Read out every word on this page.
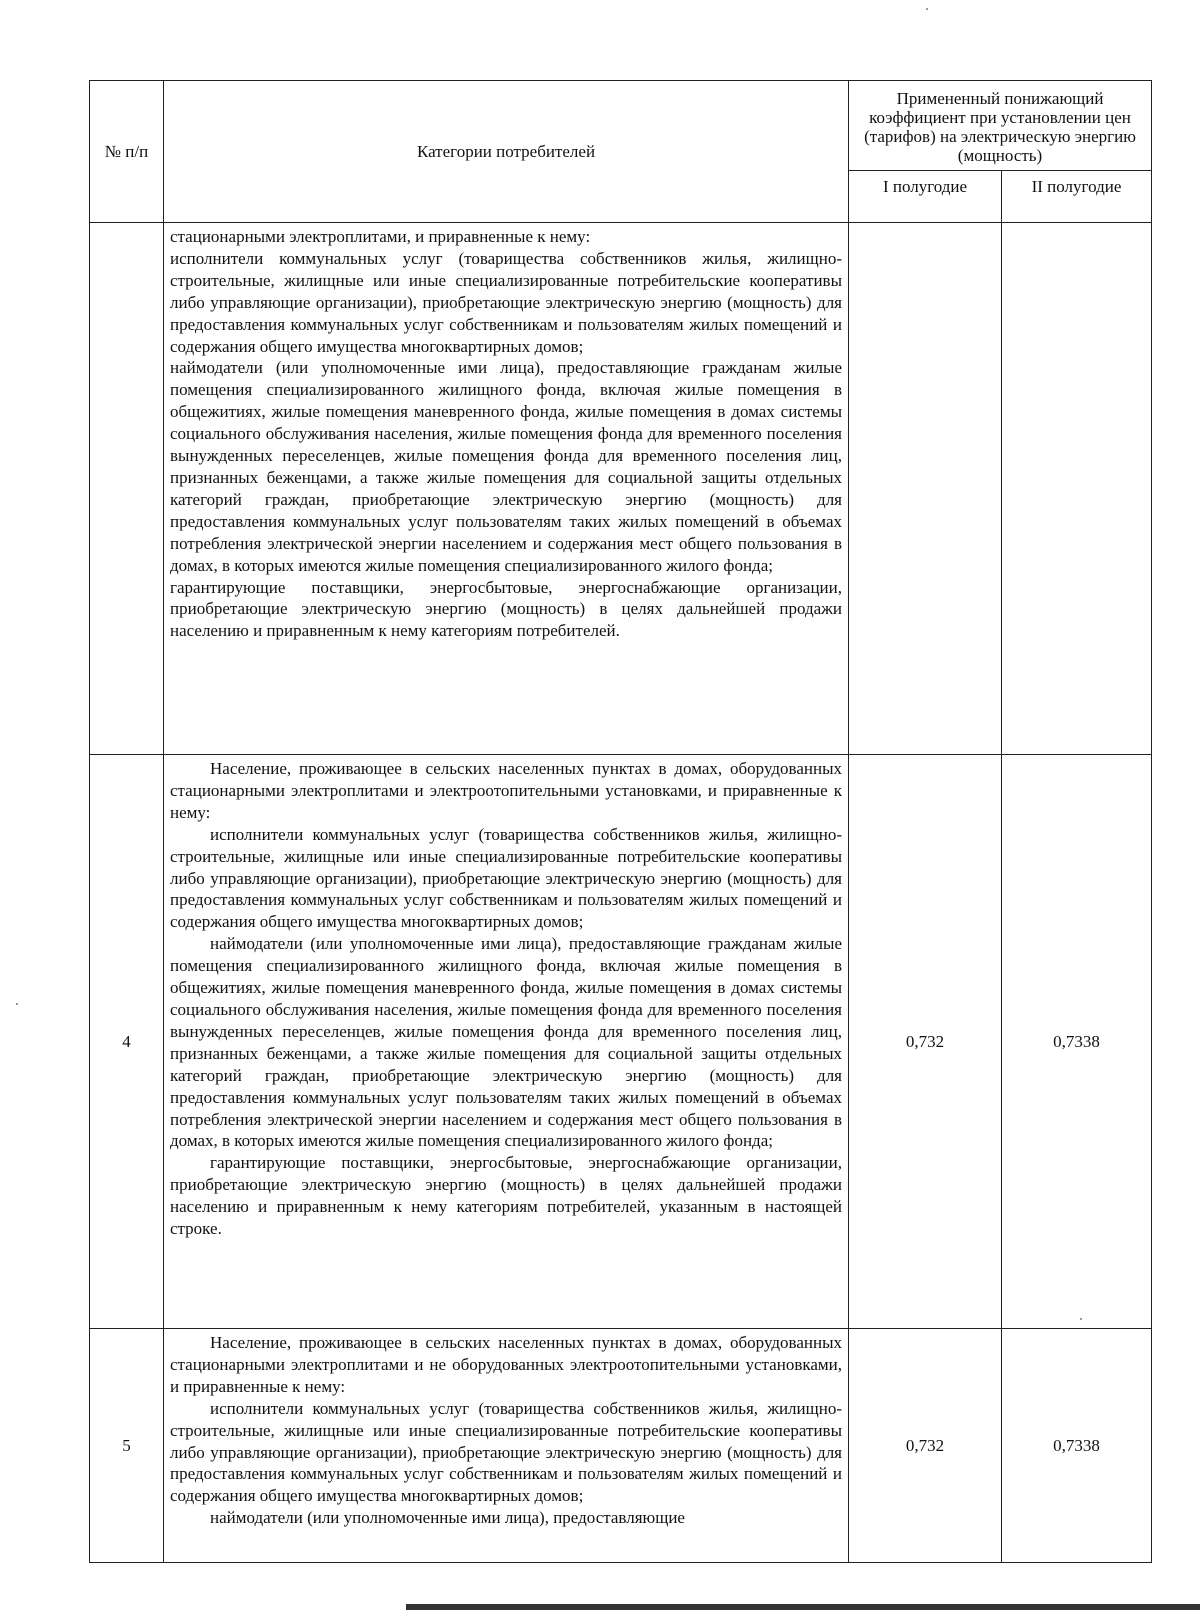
№ п/п	Категории потребителей	Примененный понижающий коэффициент при установлении цен (тарифов) на электрическую энергию (мощность)	
		I полугодие	II полугодие

	стационарными электроплитами, и приравненные к нему:

исполнители коммунальных услуг (товарищества собственников жилья, жилищно-строительные, жилищные или иные специализированные потребительские кооперативы либо управляющие организации), приобретающие электрическую энергию (мощность) для предоставления коммунальных услуг собственникам и пользователям жилых помещений и содержания общего имущества многоквартирных домов;

наймодатели (или уполномоченные ими лица), предоставляющие гражданам жилые помещения специализированного жилищного фонда, включая жилые помещения в общежитиях, жилые помещения маневренного фонда, жилые помещения в домах системы социального обслуживания населения, жилые помещения фонда для временного поселения вынужденных переселенцев, жилые помещения фонда для временного поселения лиц, признанных беженцами, а также жилые помещения для социальной защиты отдельных категорий граждан, приобретающие электрическую энергию (мощность) для предоставления коммунальных услуг пользователям таких жилых помещений в объемах потребления электрической энергии населением и содержания мест общего пользования в домах, в которых имеются жилые помещения специализированного жилого фонда;

гарантирующие поставщики, энергосбытовые, энергоснабжающие организации, приобретающие электрическую энергию (мощность) в целях дальнейшей продажи населению и приравненным к нему категориям потребителей.		

4	Население, проживающее в сельских населенных пунктах в домах, оборудованных стационарными электроплитами и электроотопительными установками, и приравненные к нему:

исполнители коммунальных услуг (товарищества собственников жилья, жилищно-строительные, жилищные или иные специализированные потребительские кооперативы либо управляющие организации), приобретающие электрическую энергию (мощность) для предоставления коммунальных услуг собственникам и пользователям жилых помещений и содержания общего имущества многоквартирных домов;

наймодатели (или уполномоченные ими лица), предоставляющие гражданам жилые помещения специализированного жилищного фонда, включая жилые помещения в общежитиях, жилые помещения маневренного фонда, жилые помещения в домах системы социального обслуживания населения, жилые помещения фонда для временного поселения вынужденных переселенцев, жилые помещения фонда для временного поселения лиц, признанных беженцами, а также жилые помещения для социальной защиты отдельных категорий граждан, приобретающие электрическую энергию (мощность) для предоставления коммунальных услуг пользователям таких жилых помещений в объемах потребления электрической энергии населением и содержания мест общего пользования в домах, в которых имеются жилые помещения специализированного жилого фонда;

гарантирующие поставщики, энергосбытовые, энергоснабжающие организации, приобретающие электрическую энергию (мощность) в целях дальнейшей продажи населению и приравненным к нему категориям потребителей, указанным в настоящей строке.	0,732	0,7338
5	Население, проживающее в сельских населенных пунктах в домах, оборудованных стационарными электроплитами и не оборудованных электроотопительными установками, и приравненные к нему:

исполнители коммунальных услуг (товарищества собственников жилья, жилищно-строительные, жилищные или иные специализированные потребительские кооперативы либо управляющие организации), приобретающие электрическую энергию (мощность) для предоставления коммунальных услуг собственникам и пользователям жилых помещений и содержания общего имущества многоквартирных домов;

наймодатели (или уполномоченные ими лица), предоставляющие	0,732	0,7338
